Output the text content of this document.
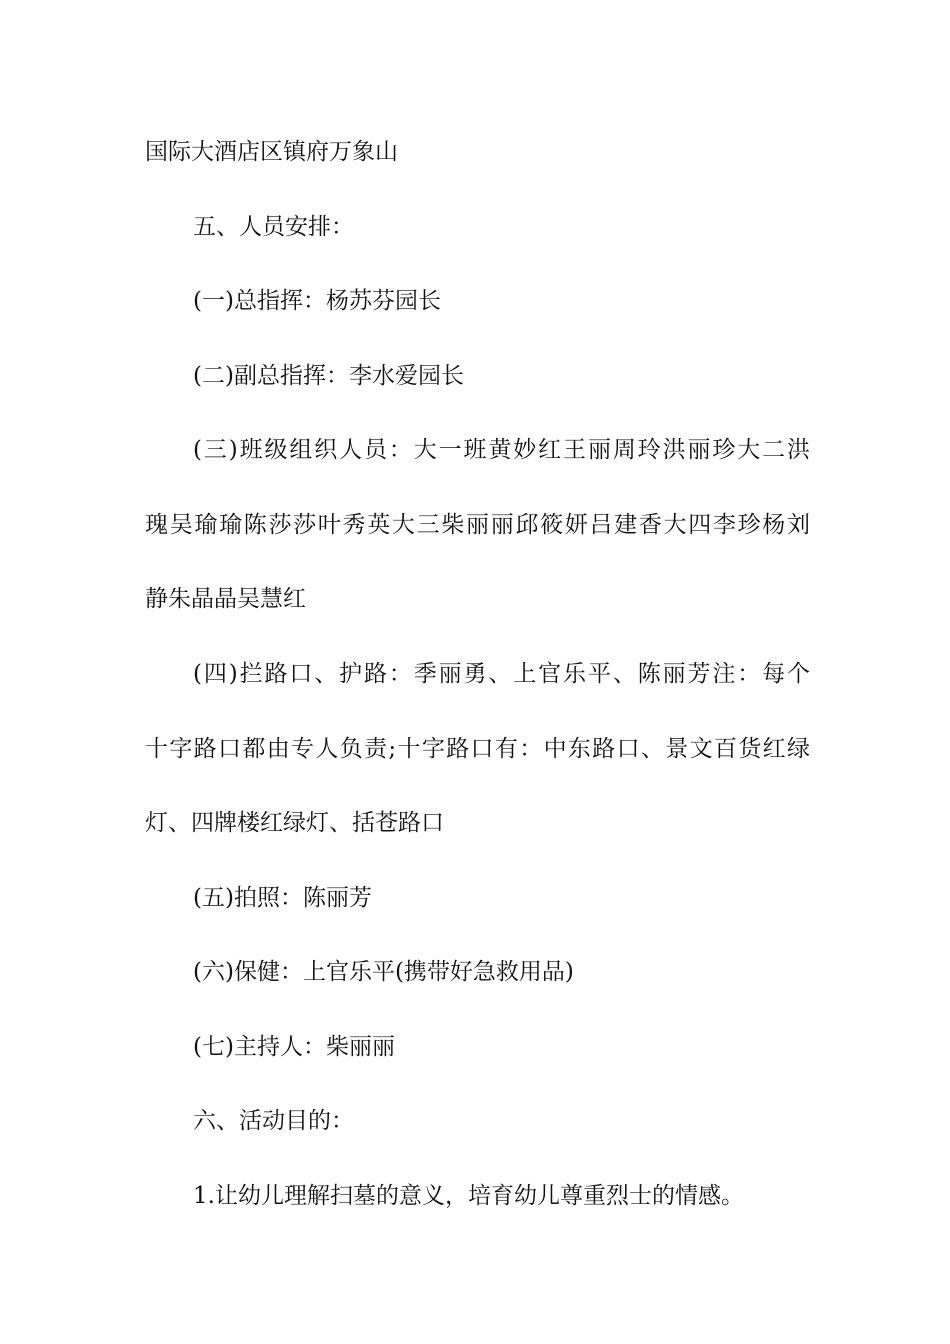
国际大酒店区镇府万象山
五、人员安排：
(一)总指挥：杨苏芬园长
(二)副总指挥：李水爱园长
(三)班级组织人员：大一班黄妙红王丽周玲洪丽珍大二洪
瑰吴瑜瑜陈莎莎叶秀英大三柴丽丽邱筱妍吕建香大四李珍杨刘
静朱晶晶吴慧红
(四)拦路口、护路：季丽勇、上官乐平、陈丽芳注：每个
十字路口都由专人负责;十字路口有：中东路口、景文百货红绿
灯、四牌楼红绿灯、括苍路口
(五)拍照：陈丽芳
(六)保健：上官乐平(携带好急救用品)
(七)主持人：柴丽丽
六、活动目的：
1.让幼儿理解扫墓的意义，培育幼儿尊重烈士的情感。
